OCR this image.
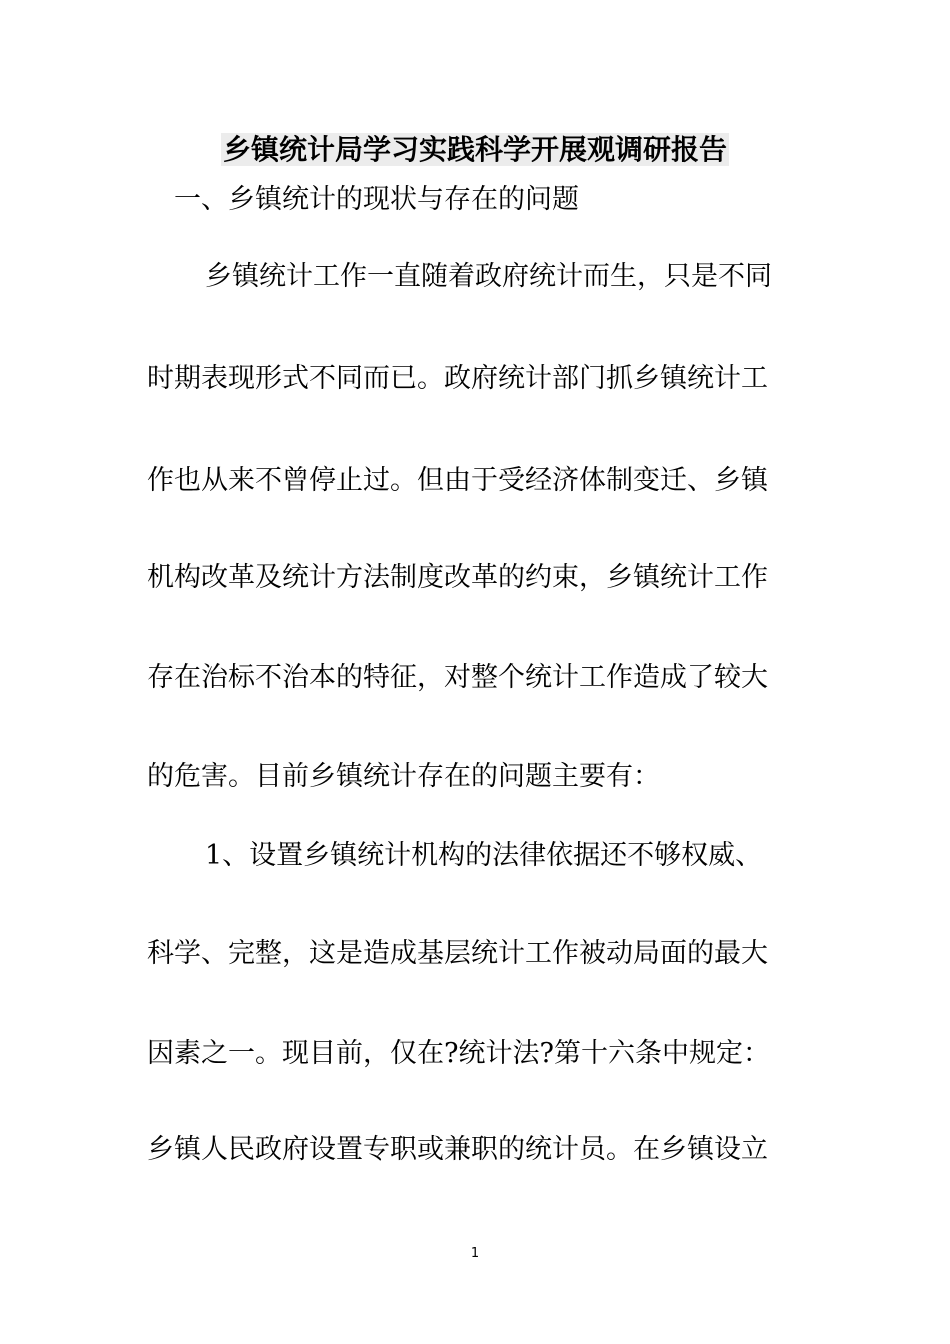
乡镇统计局学习实践科学开展观调研报告
一、乡镇统计的现状与存在的问题
乡镇统计工作一直随着政府统计而生，只是不同
时期表现形式不同而已。政府统计部门抓乡镇统计工
作也从来不曾停止过。但由于受经济体制变迁、乡镇
机构改革及统计方法制度改革的约束，乡镇统计工作
存在治标不治本的特征，对整个统计工作造成了较大
的危害。目前乡镇统计存在的问题主要有：
1、设置乡镇统计机构的法律依据还不够权威、
科学、完整，这是造成基层统计工作被动局面的最大
因素之一。现目前，仅在?统计法?第十六条中规定：
乡镇人民政府设置专职或兼职的统计员。在乡镇设立
1
